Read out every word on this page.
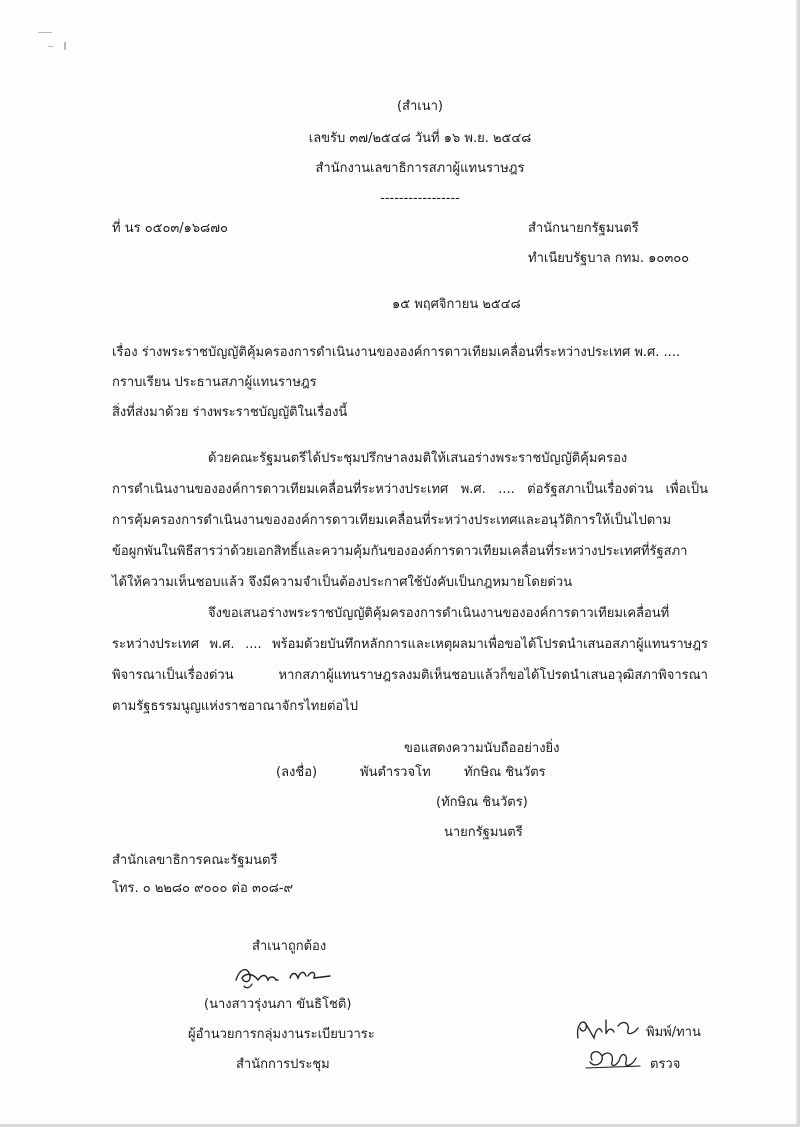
(สำเนา)
เลขรับ ๓๗/๒๕๔๘ วันที่ ๑๖ พ.ย. ๒๕๔๘
สำนักงานเลขาธิการสภาผู้แทนราษฎร
-----------------
ที่ นร ๐๕๐๓/๑๖๘๗๐	สำนักนายกรัฐมนตรี
ทำเนียบรัฐบาล กทม. ๑๐๓๐๐
๑๕ พฤศจิกายน ๒๕๔๘
เรื่อง ร่างพระราชบัญญัติคุ้มครองการดำเนินงานขององค์การดาวเทียมเคลื่อนที่ระหว่างประเทศ พ.ศ. ....
กราบเรียน ประธานสภาผู้แทนราษฎร
สิ่งที่ส่งมาด้วย ร่างพระราชบัญญัติในเรื่องนี้
ด้วยคณะรัฐมนตรีได้ประชุมปรึกษาลงมติให้เสนอร่างพระราชบัญญัติคุ้มครอง
การดำเนินงานขององค์การดาวเทียมเคลื่อนที่ระหว่างประเทศ พ.ศ. .... ต่อรัฐสภาเป็นเรื่องด่วน เพื่อเป็น
การคุ้มครองการดำเนินงานขององค์การดาวเทียมเคลื่อนที่ระหว่างประเทศและอนุวัติการให้เป็นไปตาม
ข้อผูกพันในพิธีสารว่าด้วยเอกสิทธิ์และความคุ้มกันขององค์การดาวเทียมเคลื่อนที่ระหว่างประเทศที่รัฐสภา
ได้ให้ความเห็นชอบแล้ว จึงมีความจำเป็นต้องประกาศใช้บังคับเป็นกฎหมายโดยด่วน
จึงขอเสนอร่างพระราชบัญญัติคุ้มครองการดำเนินงานขององค์การดาวเทียมเคลื่อนที่
ระหว่างประเทศ พ.ศ. .... พร้อมด้วยบันทึกหลักการและเหตุผลมาเพื่อขอได้โปรดนำเสนอสภาผู้แทนราษฎร
พิจารณาเป็นเรื่องด่วน หากสภาผู้แทนราษฎรลงมติเห็นชอบแล้วก็ขอได้โปรดนำเสนอวุฒิสภาพิจารณา
ตามรัฐธรรมนูญแห่งราชอาณาจักรไทยต่อไป
ขอแสดงความนับถืออย่างยิ่ง
(ลงชื่อ)	พันตำรวจโท	ทักษิณ ชินวัตร
(ทักษิณ ชินวัตร)
นายกรัฐมนตรี
สำนักเลขาธิการคณะรัฐมนตรี
โทร. ๐ ๒๒๘๐ ๙๐๐๐ ต่อ ๓๐๘-๙
สำเนาถูกต้อง
(นางสาวรุ่งนภา ขันธิโชติ)
ผู้อำนวยการกลุ่มงานระเบียบวาระ
สำนักการประชุม
พิมพ์/ทาน
ตรวจ
